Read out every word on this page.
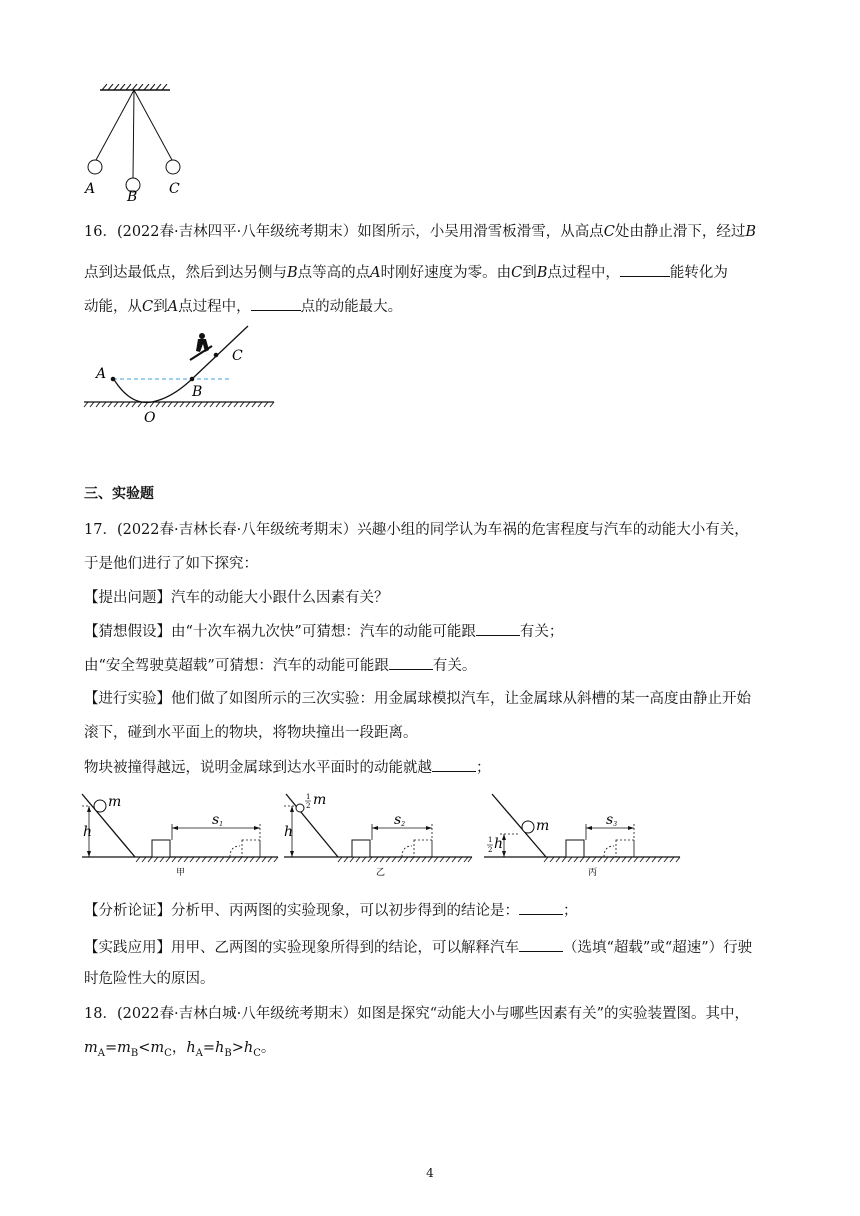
A B C
16．(2022春·吉林四平·八年级统考期末）如图所示，小吴用滑雪板滑雪，从高点C处由静止滑下，经过B
点到达最低点，然后到达另侧与B点等高的点A时刚好速度为零。由C到B点过程中，	能转化为
动能，从C到A点过程中，	点的动能最大。
A
B
C
O
三、实验题
17．(2022春·吉林长春·八年级统考期末）兴趣小组的同学认为车祸的危害程度与汽车的动能大小有关，
于是他们进行了如下探究：
【提出问题】汽车的动能大小跟什么因素有关？
【猜想假设】由“十次车祸九次快”可猜想：汽车的动能可能跟	有关；
由“安全驾驶莫超载”可猜想：汽车的动能可能跟	有关。
【进行实验】他们做了如图所示的三次实验：用金属球模拟汽车，让金属球从斜槽的某一高度由静止开始
滚下，碰到水平面上的物块，将物块撞出一段距离。
物块被撞得越远，说明金属球到达水平面时的动能就越	；
m
h
s1
甲
1
2 m
h
s2
乙
m
1
2 h
s3
丙
【分析论证】分析甲、丙两图的实验现象，可以初步得到的结论是：	；
【实践应用】用甲、乙两图的实验现象所得到的结论，可以解释汽车	（选填“超载”或“超速”）行驶
时危险性大的原因。
18．(2022春·吉林白城·八年级统考期末）如图是探究“动能大小与哪些因素有关”的实验装置图。其中，
$m_A=m_B<m_C$，$h_A=h_B>h_C$。
4
